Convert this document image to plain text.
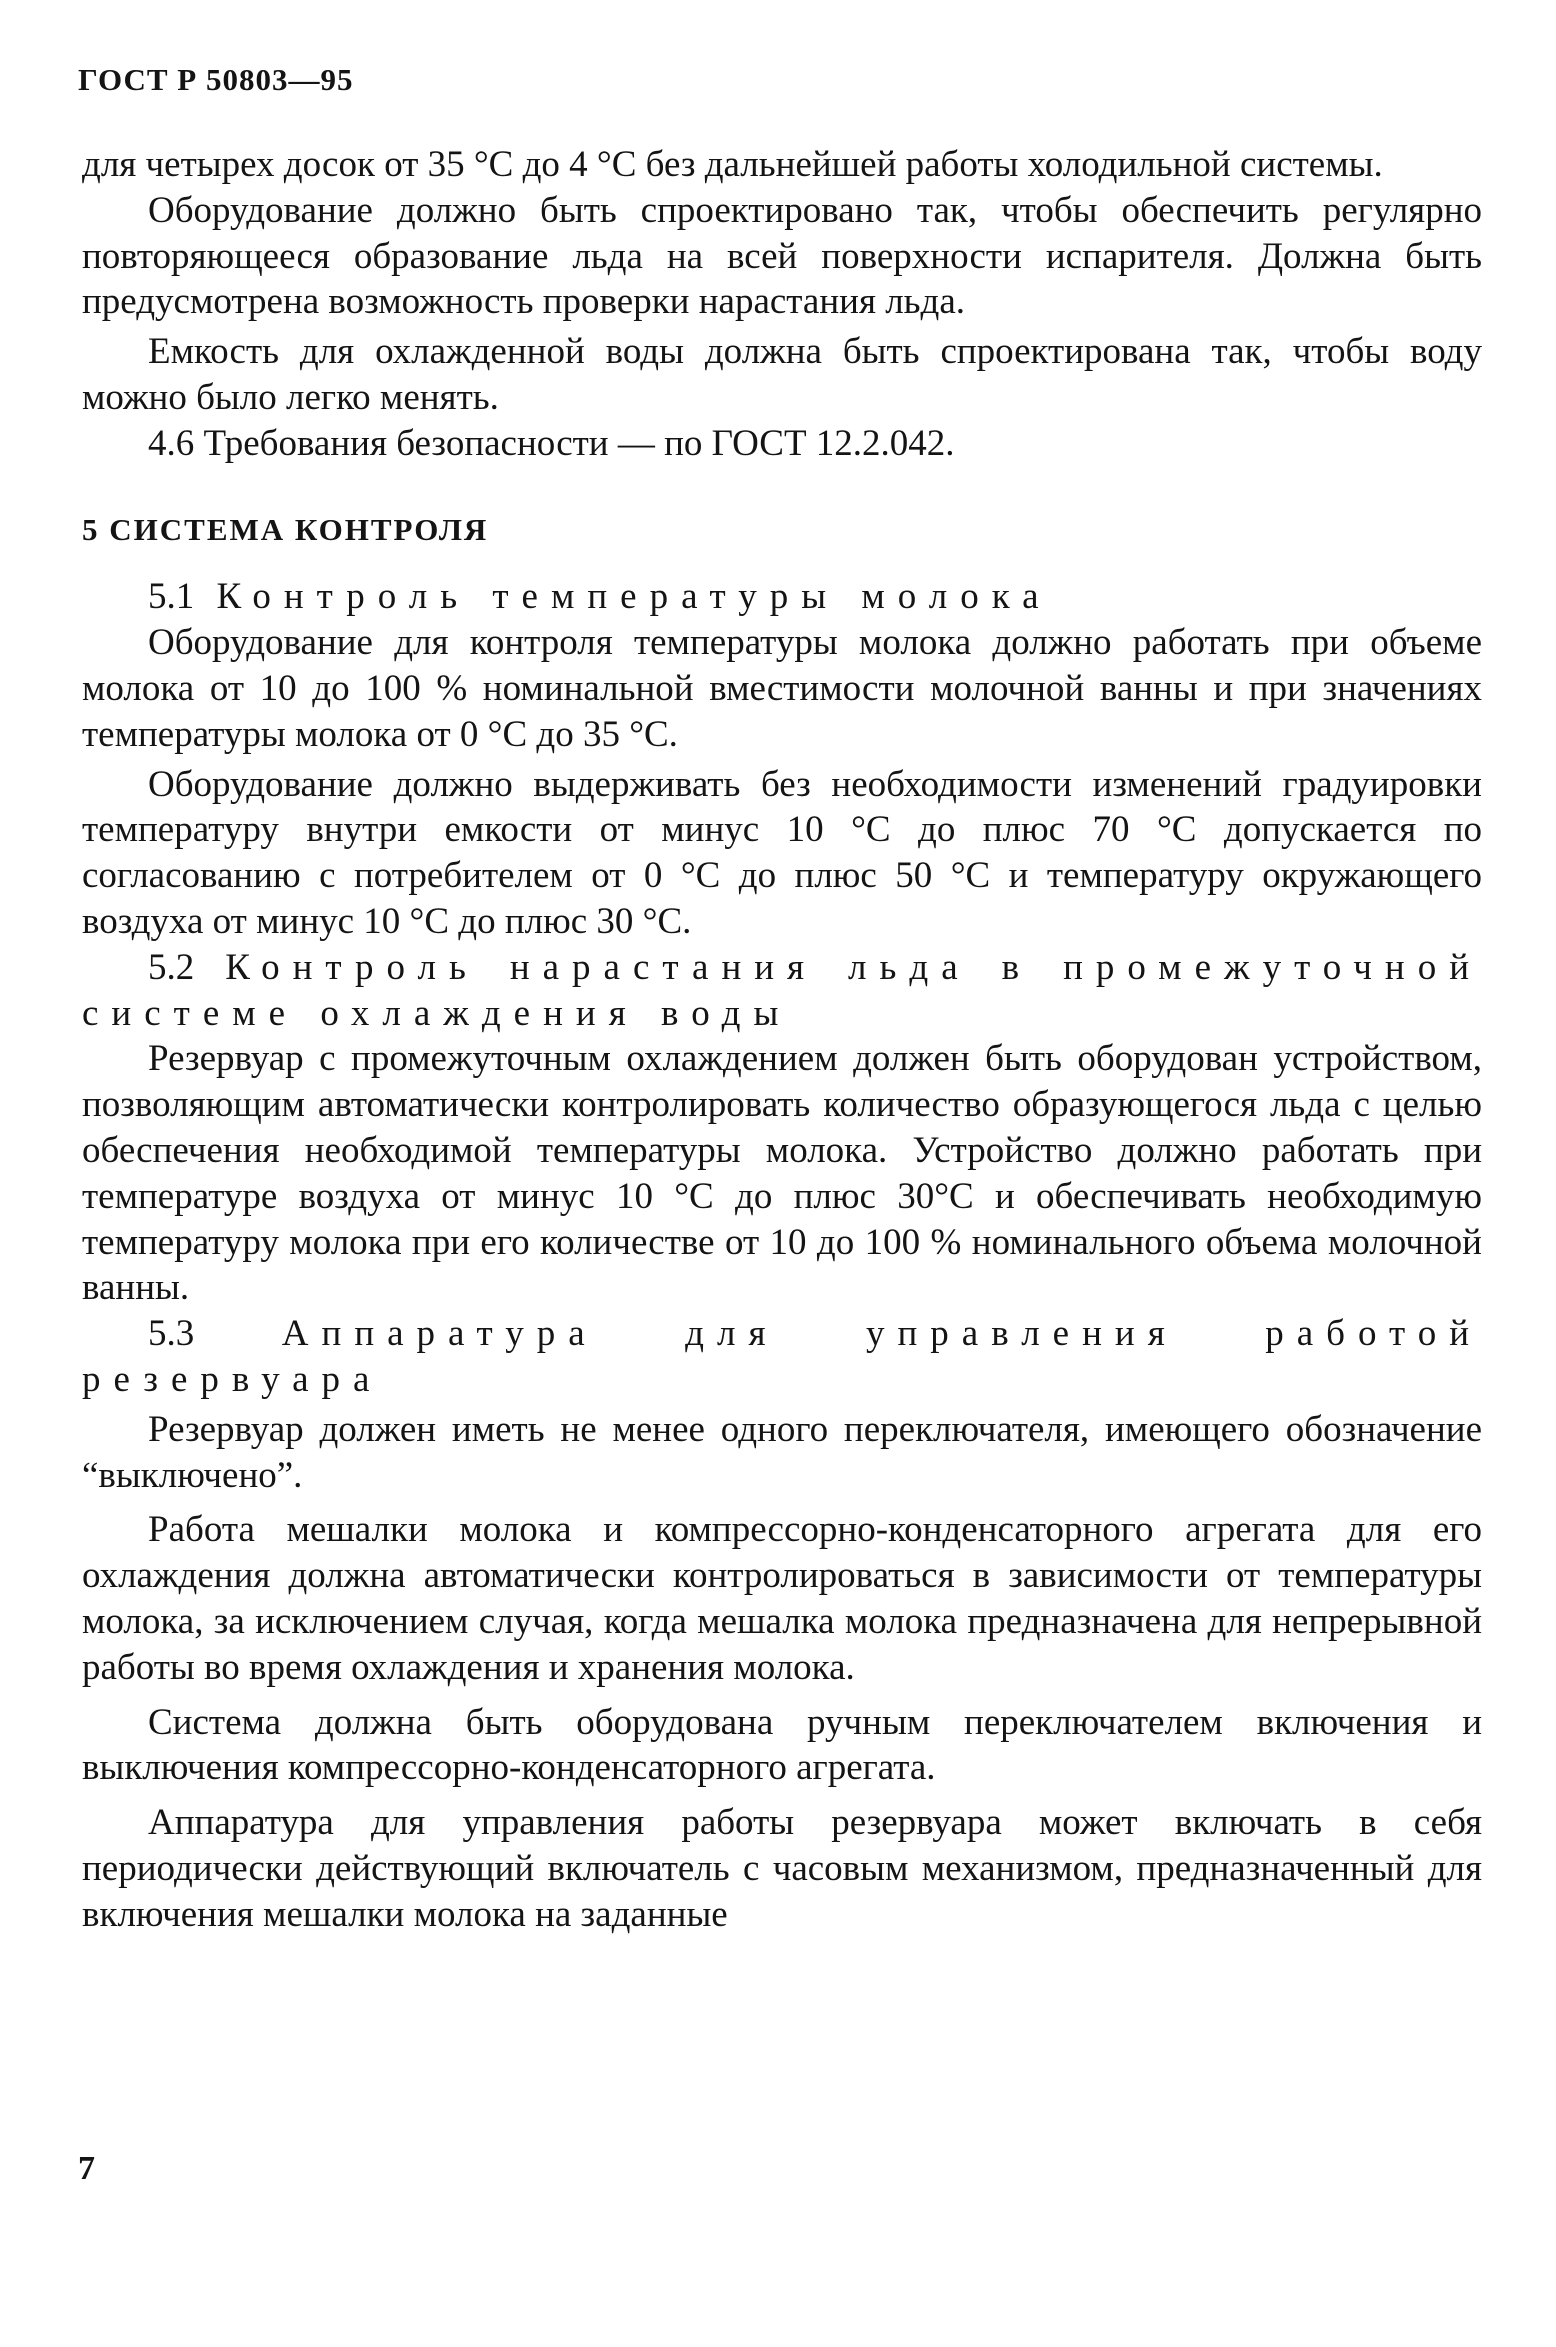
ГОСТ Р 50803—95

для четырех досок от 35 °С до 4 °С без дальнейшей работы холодильной системы.

Оборудование должно быть спроектировано так, чтобы обеспечить регулярно повторяющееся образование льда на всей поверхности испарителя. Должна быть предусмотрена возможность проверки нарастания льда.

Емкость для охлажденной воды должна быть спроектирована так, чтобы воду можно было легко менять.

4.6 Требования безопасности — по ГОСТ 12.2.042.

5 СИСТЕМА КОНТРОЛЯ

5.1 Контроль температуры молока

Оборудование для контроля температуры молока должно работать при объеме молока от 10 до 100 % номинальной вместимости молочной ванны и при значениях температуры молока от 0 °С до 35 °С.

Оборудование должно выдерживать без необходимости изменений градуировки температуру внутри емкости от минус 10 °С до плюс 70 °С допускается по согласованию с потребителем от 0 °С до плюс 50 °С и температуру окружающего воздуха от минус 10 °С до плюс 30 °С.

5.2 Контроль нарастания льда в промежуточной системе охлаждения воды

Резервуар с промежуточным охлаждением должен быть оборудован устройством, позволяющим автоматически контролировать количество образующегося льда с целью обеспечения необходимой температуры молока. Устройство должно работать при температуре воздуха от минус 10 °С до плюс 30°С и обеспечивать необходимую температуру молока при его количестве от 10 до 100 % номинального объема молочной ванны.

5.3 Аппаратура для управления работой резервуара

Резервуар должен иметь не менее одного переключателя, имеющего обозначение “выключено”.

Работа мешалки молока и компрессорно-конденсаторного агрегата для его охлаждения должна автоматически контролироваться в зависимости от температуры молока, за исключением случая, когда мешалка молока предназначена для непрерывной работы во время охлаждения и хранения молока.

Система должна быть оборудована ручным переключателем включения и выключения компрессорно-конденсаторного агрегата.

Аппаратура для управления работы резервуара может включать в себя периодически действующий включатель с часовым механизмом, предназначенный для включения мешалки молока на заданные

7
